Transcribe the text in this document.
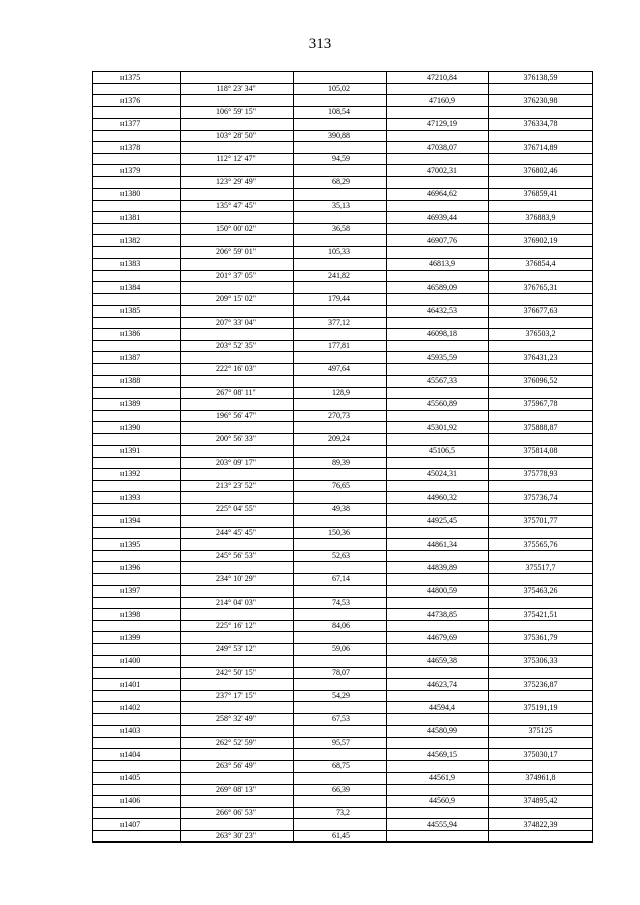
313
н1375	47210,84	376138,59
118° 23' 34"	105,02
н1376	47160,9	376230,98
106° 59' 15"	108,54
н1377	47129,19	376334,78
103° 28' 50"	390,88
н1378	47038,07	376714,89
112° 12' 47"	94,59
н1379	47002,31	376802,46
123° 29' 49"	68,29
н1380	46964,62	376859,41
135° 47' 45"	35,13
н1381	46939,44	376883,9
150° 00' 02"	36,58
н1382	46907,76	376902,19
206° 59' 01"	105,33
н1383	46813,9	376854,4
201° 37' 05"	241,82
н1384	46589,09	376765,31
209° 15' 02"	179,44
н1385	46432,53	376677,63
207° 33' 04"	377,12
н1386	46098,18	376503,2
203° 52' 35"	177,81
н1387	45935,59	376431,23
222° 16' 03"	497,64
н1388	45567,33	376096,52
267° 08' 11"	128,9
н1389	45560,89	375967,78
196° 56' 47"	270,73
н1390	45301,92	375888,87
200° 56' 33"	209,24
н1391	45106,5	375814,08
203° 09' 17"	89,39
н1392	45024,31	375778,93
213° 23' 52"	76,65
н1393	44960,32	375736,74
225° 04' 55"	49,38
н1394	44925,45	375701,77
244° 45' 45"	150,36
н1395	44861,34	375565,76
245° 56' 53"	52,63
н1396	44839,89	375517,7
234° 10' 29"	67,14
н1397	44800,59	375463,26
214° 04' 03"	74,53
н1398	44738,85	375421,51
225° 16' 12"	84,06
н1399	44679,69	375361,79
249° 53' 12"	59,06
н1400	44659,38	375306,33
242° 50' 15"	78,07
н1401	44623,74	375236,87
237° 17' 15"	54,29
н1402	44594,4	375191,19
258° 32' 49"	67,53
н1403	44580,99	375125
262° 52' 59"	95,57
н1404	44569,15	375030,17
263° 56' 49"	68,75
н1405	44561,9	374961,8
269° 08' 13"	66,39
н1406	44560,9	374895,42
266° 06' 53"	73,2
н1407	44555,94	374822,39
263° 30' 23"	61,45
